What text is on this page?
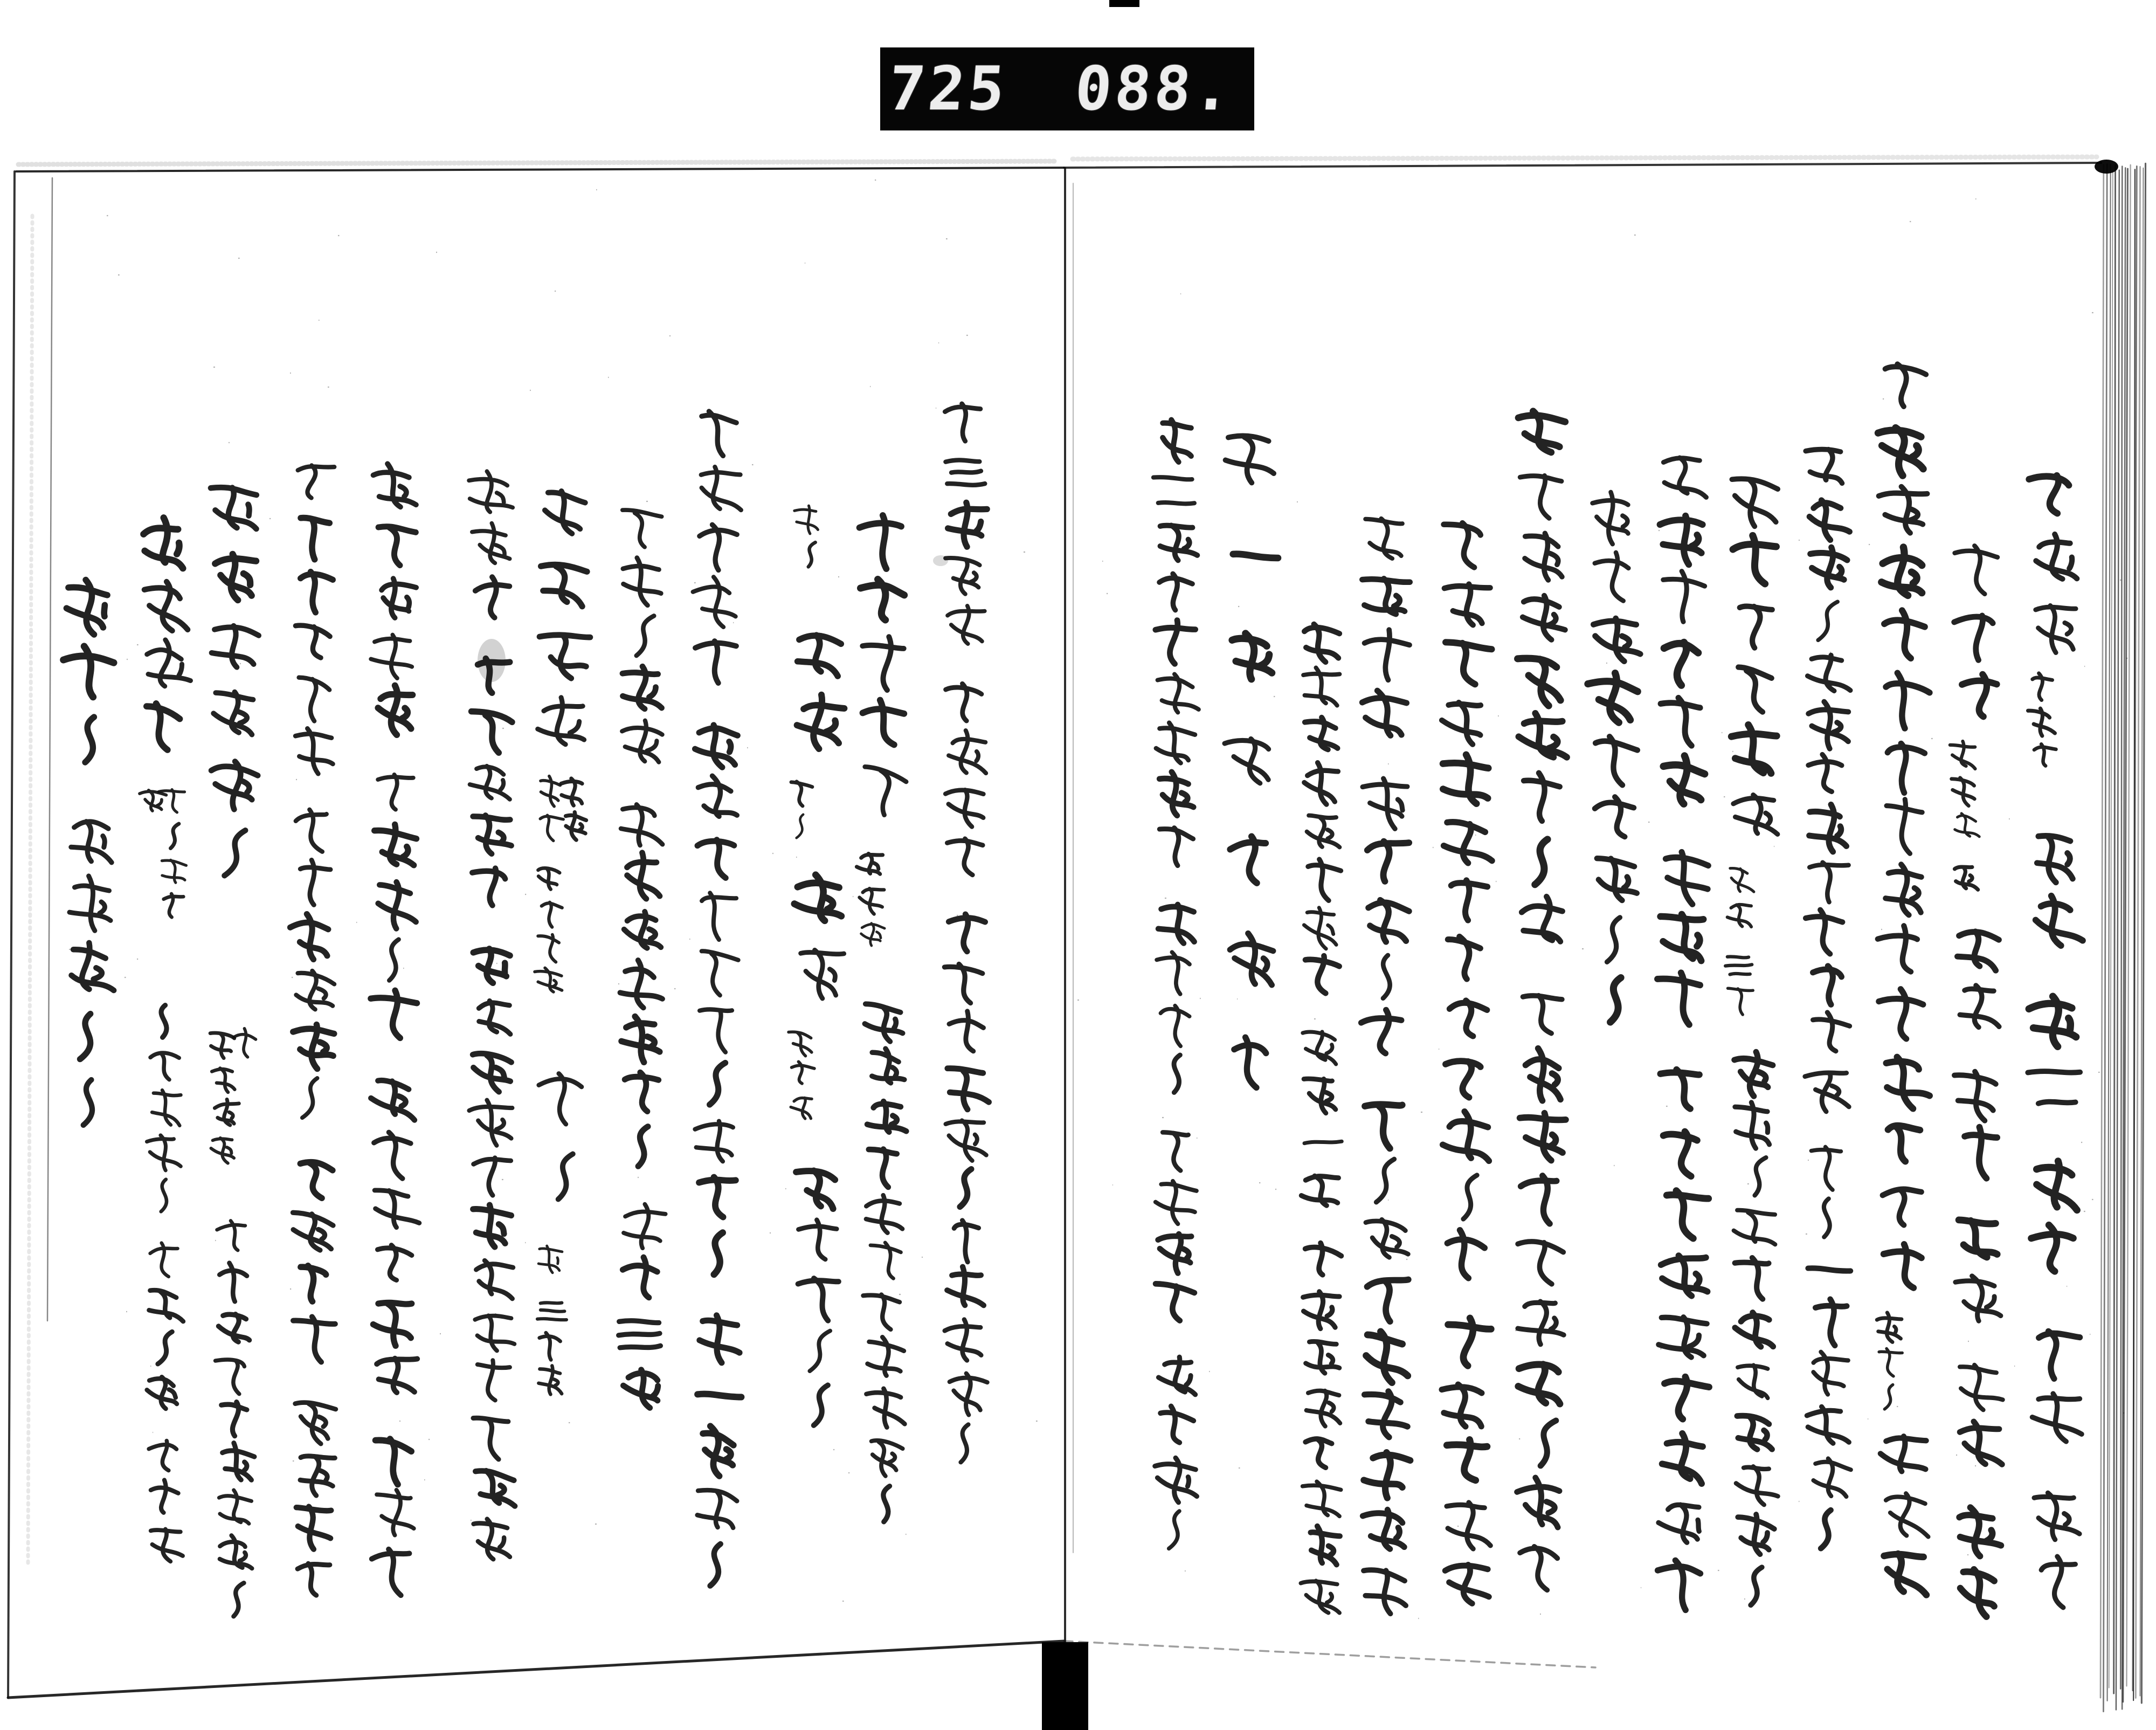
725 088.
